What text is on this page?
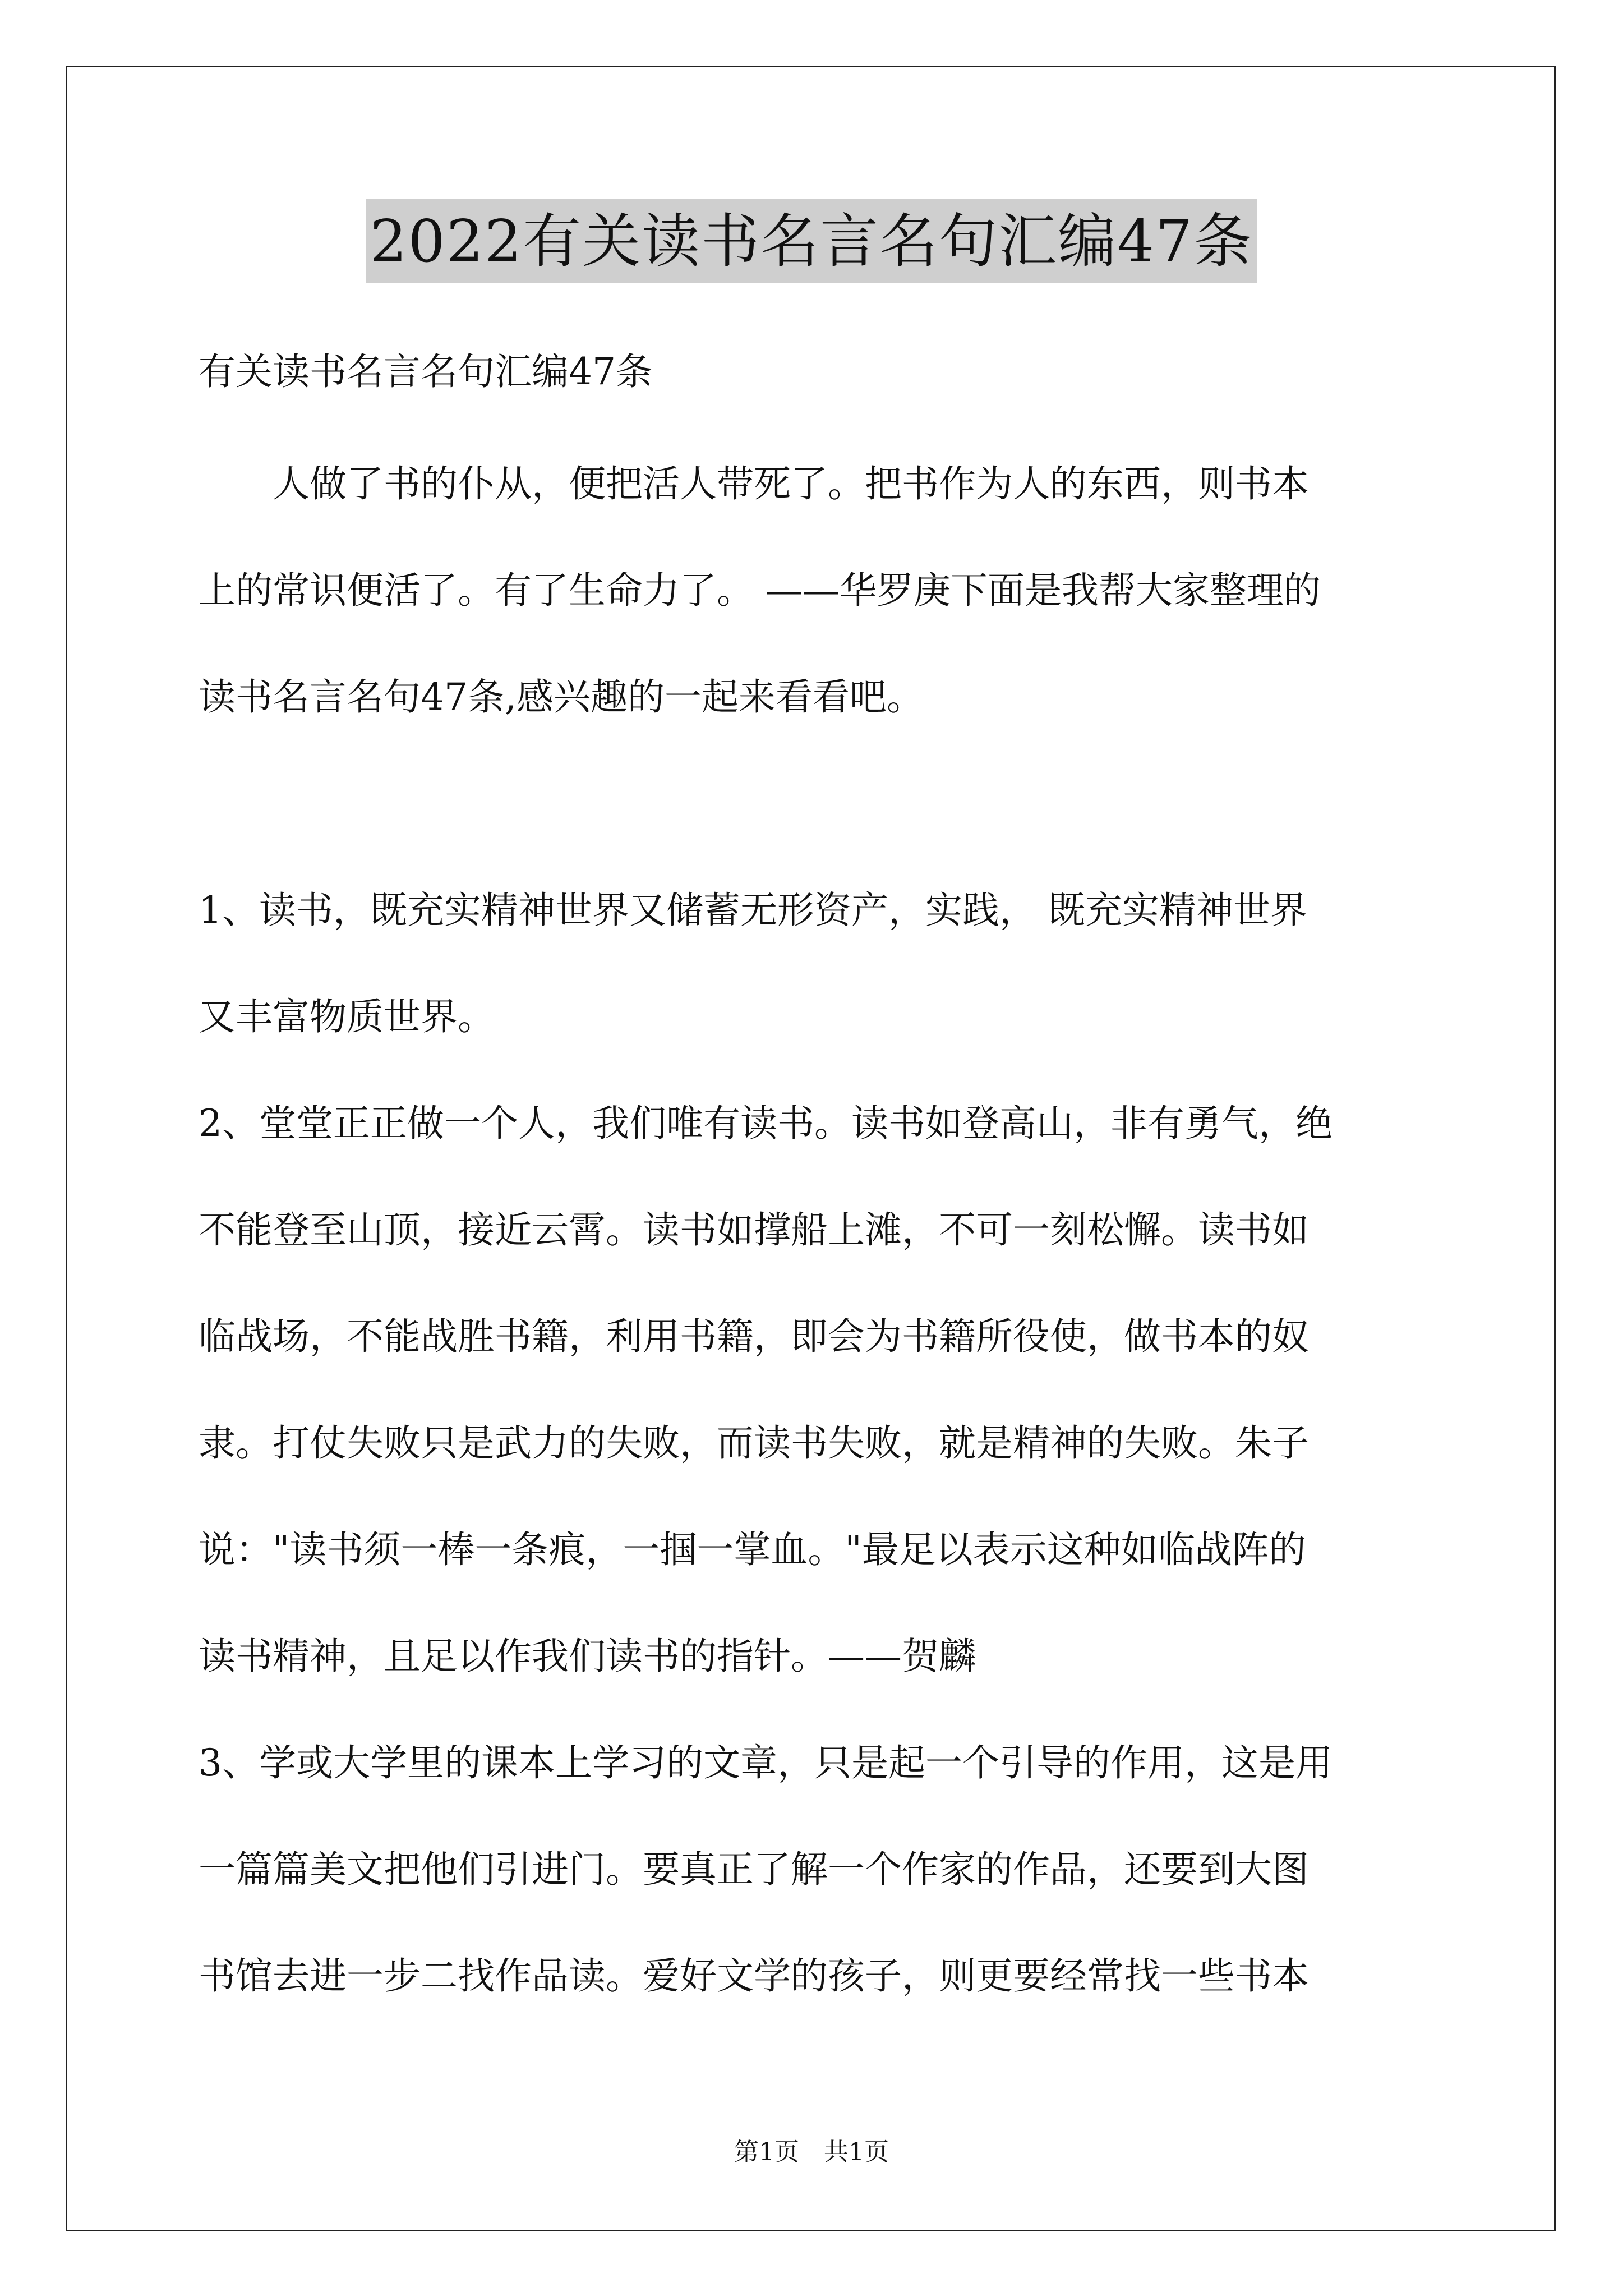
2022有关读书名言名句汇编47条
有关读书名言名句汇编47条
　　人做了书的仆从，便把活人带死了。把书作为人的东西，则书本
上的常识便活了。有了生命力了。 ——华罗庚下面是我帮大家整理的
读书名言名句47条,感兴趣的一起来看看吧。
1、读书，既充实精神世界又储蓄无形资产，实践， 既充实精神世界
又丰富物质世界。
2、堂堂正正做一个人，我们唯有读书。读书如登高山，非有勇气，绝
不能登至山顶，接近云霄。读书如撑船上滩，不可一刻松懈。读书如
临战场，不能战胜书籍，利用书籍，即会为书籍所役使，做书本的奴
隶。打仗失败只是武力的失败，而读书失败，就是精神的失败。朱子
说："读书须一棒一条痕，一掴一掌血。"最足以表示这种如临战阵的
读书精神，且足以作我们读书的指针。——贺麟
3、学或大学里的课本上学习的文章，只是起一个引导的作用，这是用
一篇篇美文把他们引进门。要真正了解一个作家的作品，还要到大图
书馆去进一步二找作品读。爱好文学的孩子，则更要经常找一些书本
第1页　共1页
